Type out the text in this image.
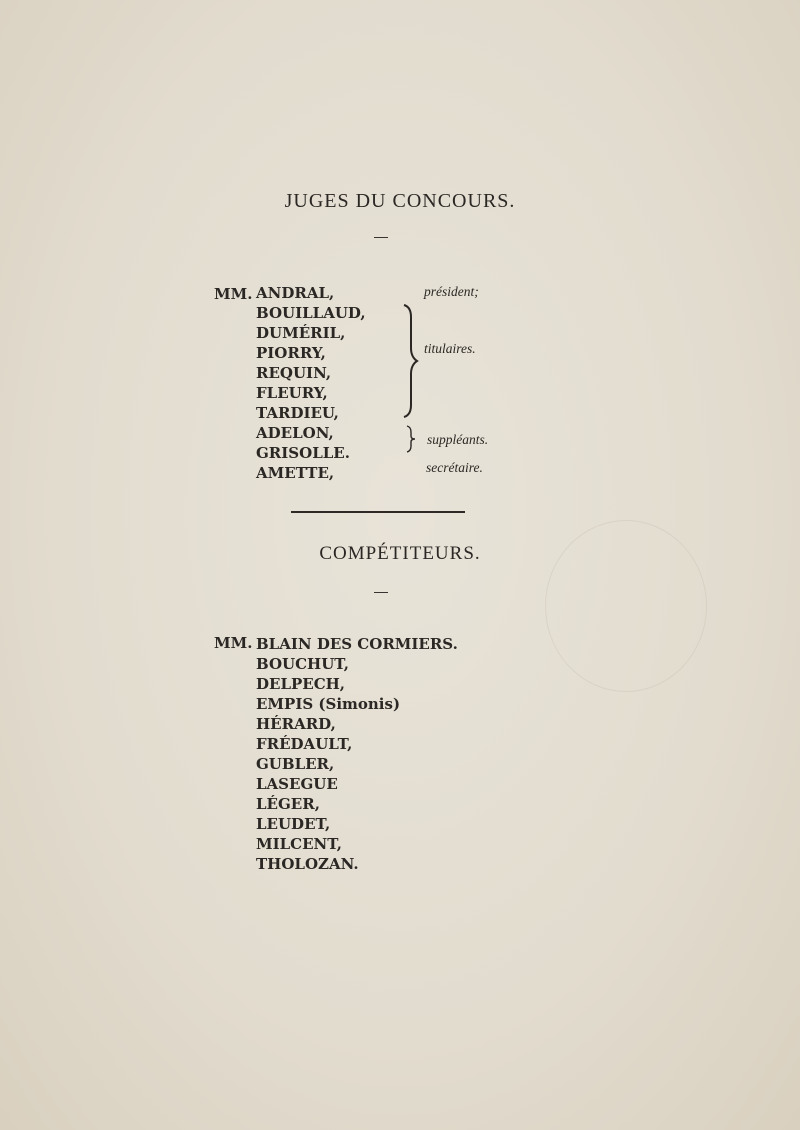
JUGES DU CONCOURS.
MM. ANDRAL,
BOUILLAUD,
DUMÉRIL,
PIORRY,
REQUIN,
FLEURY,
TARDIEU,
ADELON,
GRISOLLE.
AMETTE,
président;
titulaires.
suppléants.
secrétaire.
COMPÉTITEURS.
MM. BLAIN DES CORMIERS.
BOUCHUT,
DELPECH,
EMPIS (Simonis)
HÉRARD,
FRÉDAULT,
GUBLER,
LASEGUE
LÉGER,
LEUDET,
MILCENT,
THOLOZAN.
